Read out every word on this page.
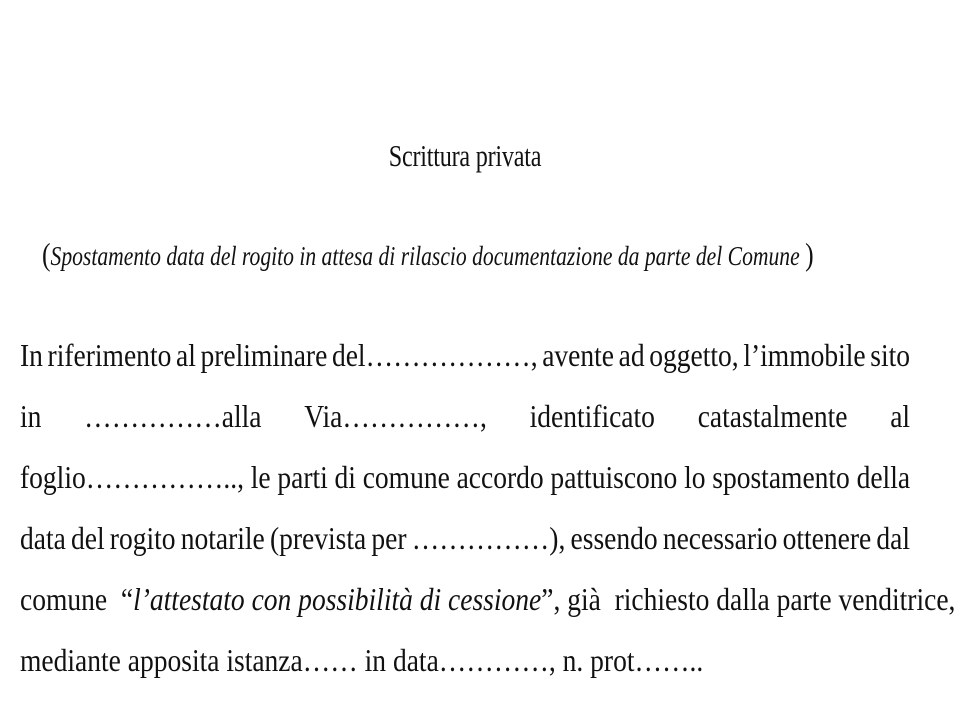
Scrittura privata
(Spostamento data del rogito in attesa di rilascio documentazione da parte del Comune )
In riferimento al preliminare del………………, avente ad oggetto, l’immobile sito
in ……………alla Via……………, identificato catastalmente al
foglio…………….., le parti di comune accordo pattuiscono lo spostamento della
data del rogito notarile (prevista per ……………), essendo necessario ottenere dal
comune  “ l’attestato con possibilità di cessione ”, già  richiesto dalla parte venditrice,
mediante apposita istanza…… in data…………, n. prot……..
